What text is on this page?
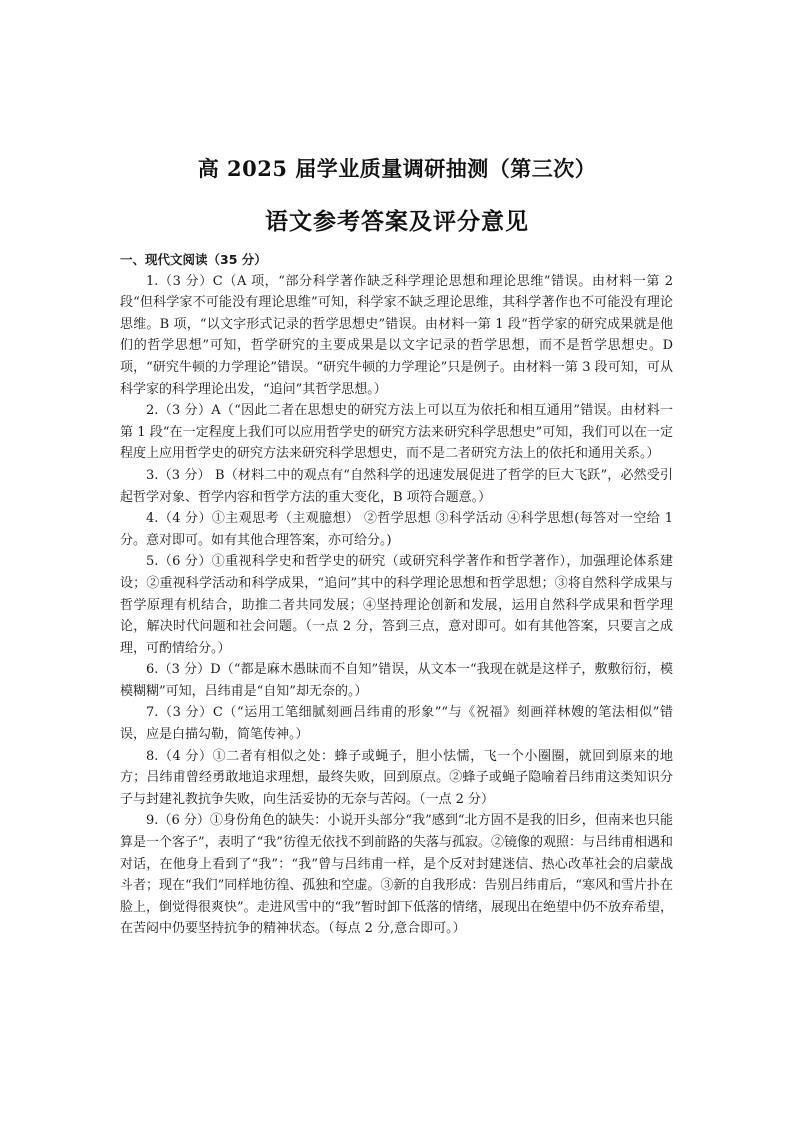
高 2025 届学业质量调研抽测（第三次）
语文参考答案及评分意见

一、现代文阅读（35 分）

1.（3 分）C（A 项，“部分科学著作缺乏科学理论思想和理论思维”错误。由材料一第 2 段“但科学家不可能没有理论思维”可知，科学家不缺乏理论思维，其科学著作也不可能没有理论思维。B 项，“以文字形式记录的哲学思想史”错误。由材料一第 1 段“哲学家的研究成果就是他们的哲学思想”可知，哲学研究的主要成果是以文字记录的哲学思想，而不是哲学思想史。D 项，“研究牛顿的力学理论”错误。“研究牛顿的力学理论”只是例子。由材料一第 3 段可知，可从科学家的科学理论出发，“追问”其哲学思想。）

2.（3 分）A（“因此二者在思想史的研究方法上可以互为依托和相互通用”错误。由材料一第 1 段“在一定程度上我们可以应用哲学史的研究方法来研究科学思想史”可知，我们可以在一定程度上应用哲学史的研究方法来研究科学思想史，而不是二者研究方法上的依托和通用关系。）

3.（3 分） B（材料二中的观点有“自然科学的迅速发展促进了哲学的巨大飞跃”，必然受引起哲学对象、哲学内容和哲学方法的重大变化，B 项符合题意。）

4.（4 分）①主观思考（主观臆想） ②哲学思想 ③科学活动 ④科学思想(每答对一空给 1 分。意对即可。如有其他合理答案，亦可给分。)

5.（6 分）①重视科学史和哲学史的研究（或研究科学著作和哲学著作），加强理论体系建设；②重视科学活动和科学成果，“追问”其中的科学理论思想和哲学思想；③将自然科学成果与哲学原理有机结合，助推二者共同发展；④坚持理论创新和发展，运用自然科学成果和哲学理论，解决时代问题和社会问题。（一点 2 分，答到三点，意对即可。如有其他答案，只要言之成理，可酌情给分。）

6.（3 分）D（“都是麻木愚昧而不自知”错误，从文本一“我现在就是这样子，敷敷衍衍，模模糊糊”可知，吕纬甫是“自知”却无奈的。）

7.（3 分）C（“运用工笔细腻刻画吕纬甫的形象”“与《祝福》刻画祥林嫂的笔法相似”错误，应是白描勾勒，简笔传神。）

8.（4 分）①二者有相似之处：蜂子或蝇子，胆小怯懦，飞一个小圈圈，就回到原来的地方；吕纬甫曾经勇敢地追求理想，最终失败，回到原点。②蜂子或蝇子隐喻着吕纬甫这类知识分子与封建礼教抗争失败，向生活妥协的无奈与苦闷。（一点 2 分）

9.（6 分）①身份角色的缺失：小说开头部分“我”感到“北方固不是我的旧乡，但南来也只能算是一个客子”，表明了“我”彷徨无依找不到前路的失落与孤寂。②镜像的观照：与吕纬甫相遇和对话，在他身上看到了“我”：“我”曾与吕纬甫一样，是个反对封建迷信、热心改革社会的启蒙战斗者；现在“我们”同样地彷徨、孤独和空虚。③新的自我形成：告别吕纬甫后，“寒风和雪片扑在脸上，倒觉得很爽快”。走进风雪中的“我”暂时卸下低落的情绪，展现出在绝望中仍不放弃希望，在苦闷中仍要坚持抗争的精神状态。（每点 2 分,意合即可。）
